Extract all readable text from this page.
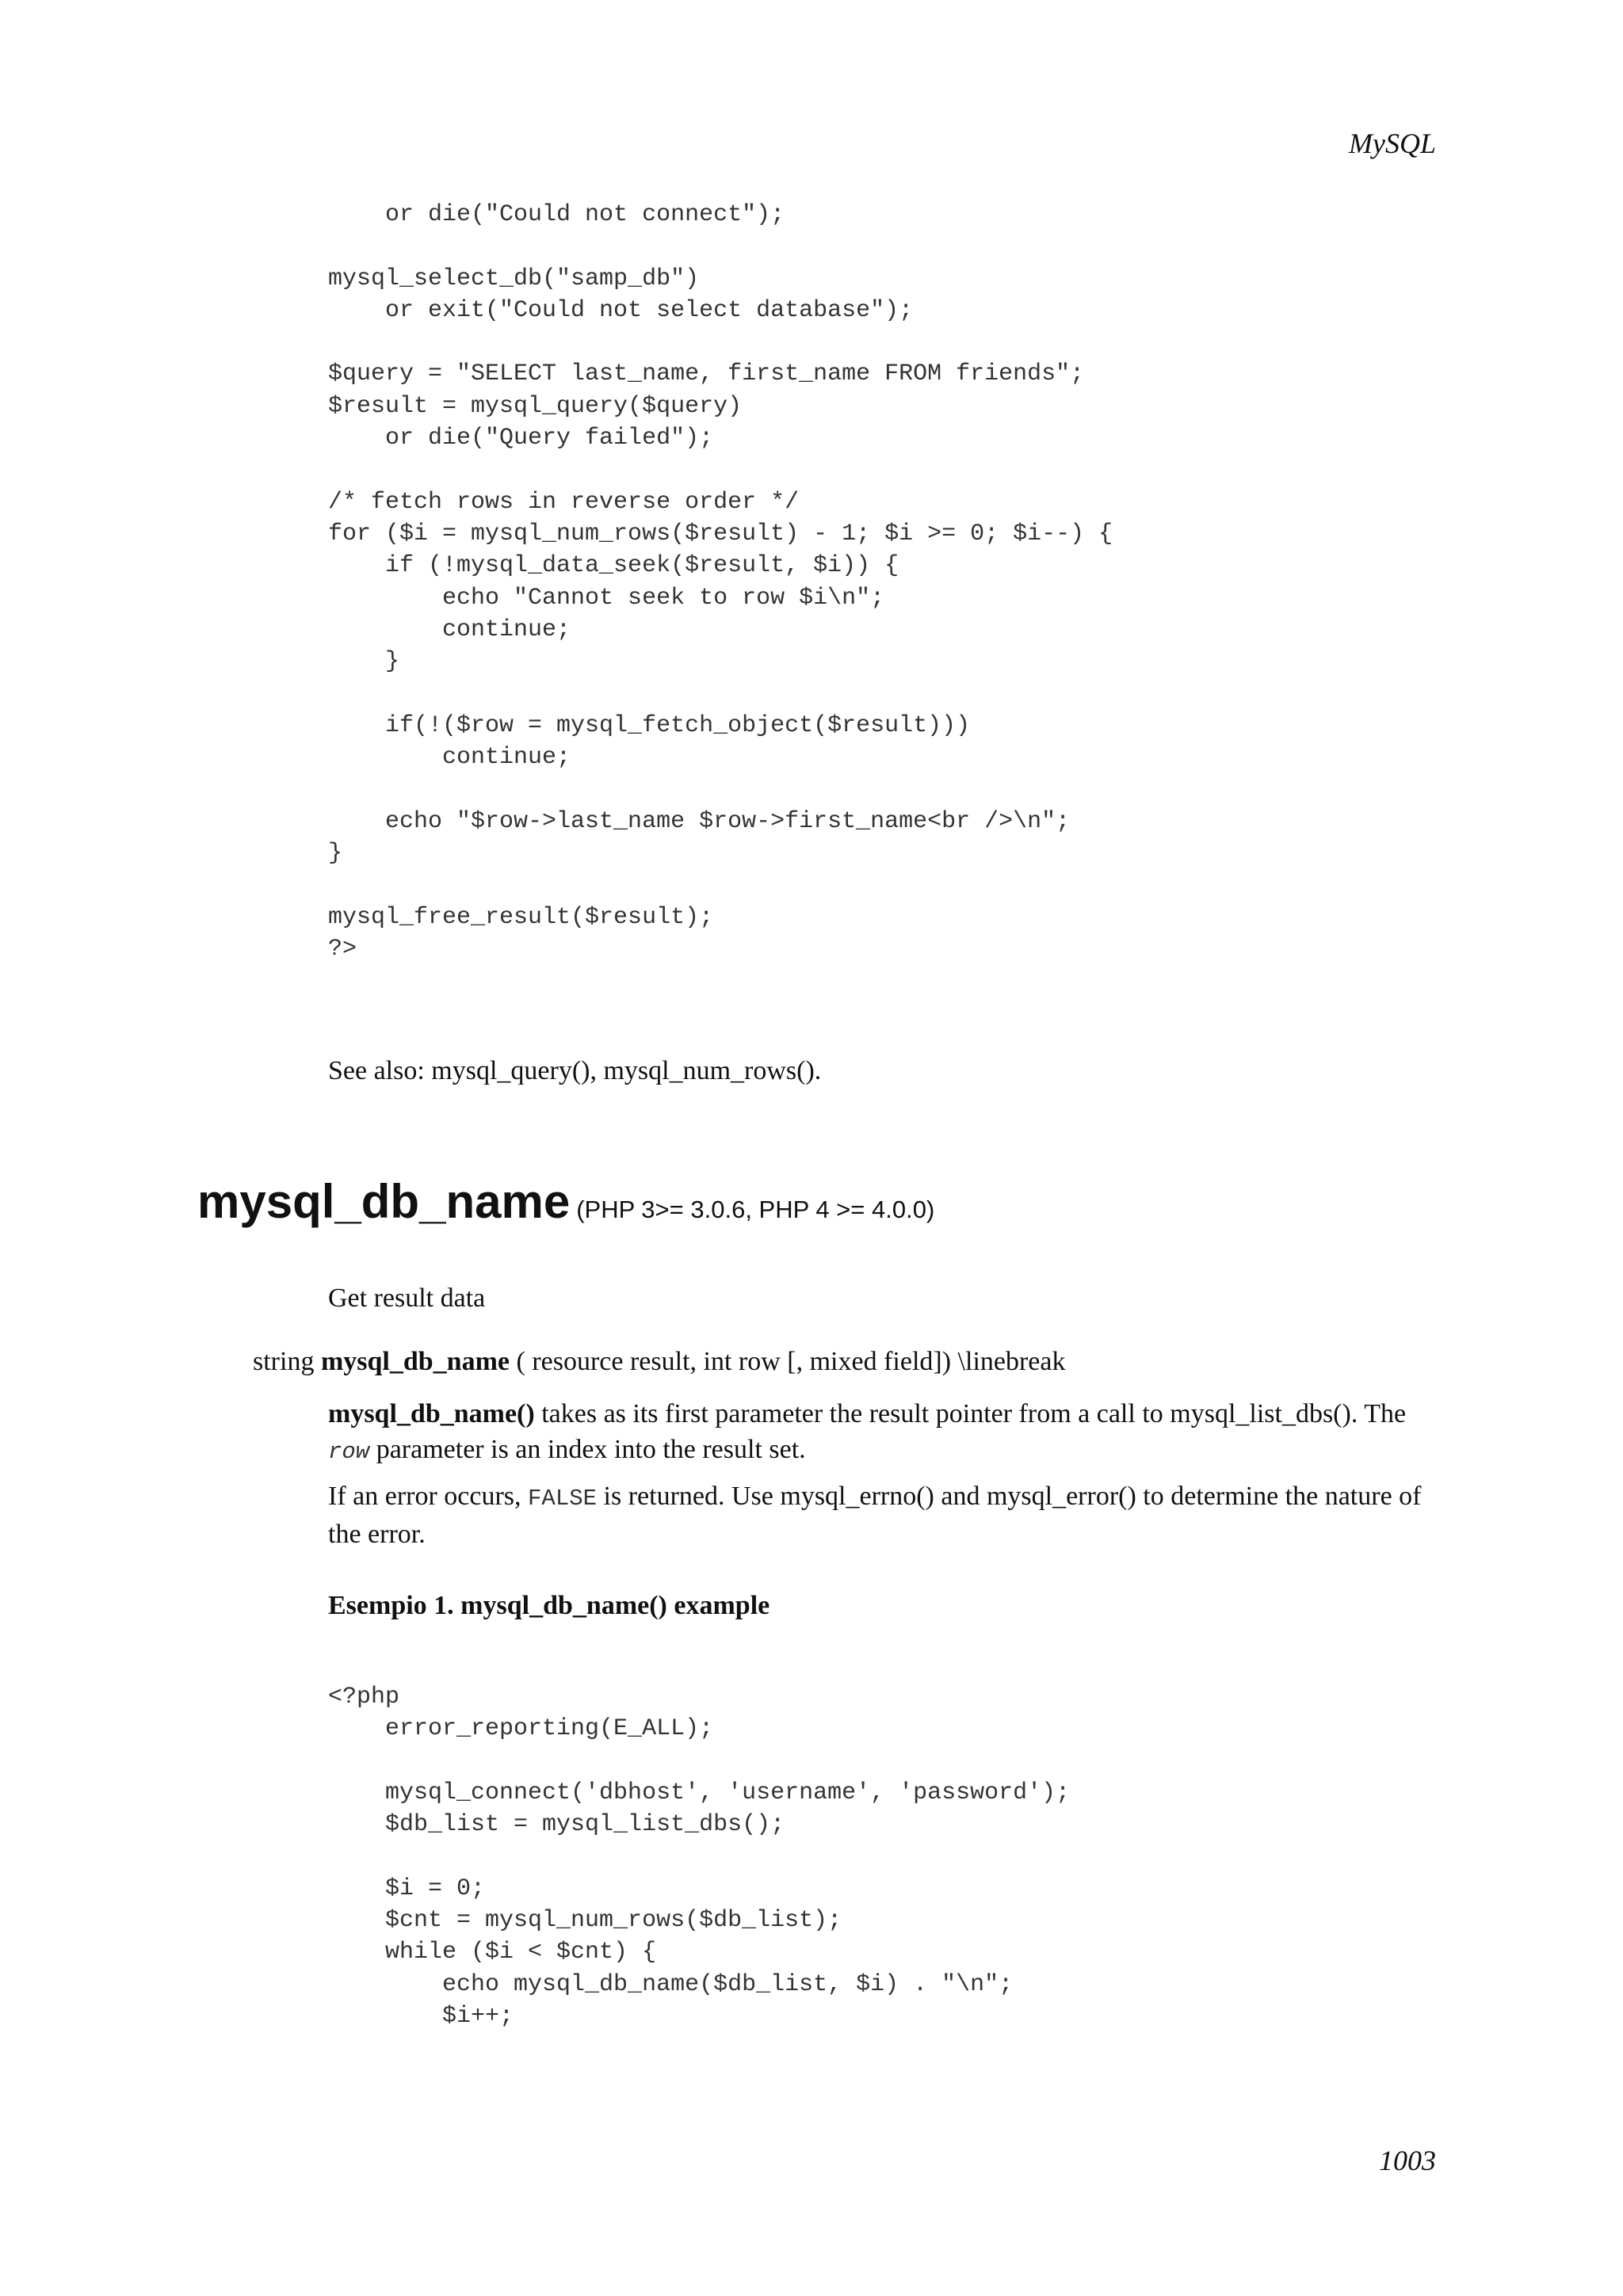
MySQL
or die("Could not connect");

mysql_select_db("samp_db")
or exit("Could not select database");

$query = "SELECT last_name, first_name FROM friends";
$result = mysql_query($query)
or die("Query failed");

/* fetch rows in reverse order */
for ($i = mysql_num_rows($result) - 1; $i >= 0; $i--) {
if (!mysql_data_seek($result, $i)) {
echo "Cannot seek to row $i\n";
continue;
}

if(!($row = mysql_fetch_object($result)))
continue;

echo "$row->last_name $row->first_name<br />\n";
}

mysql_free_result($result);
?>
See also: mysql_query(), mysql_num_rows().
mysql_db_name (PHP 3>= 3.0.6, PHP 4 >= 4.0.0)
Get result data
string mysql_db_name ( resource result, int row [, mixed field]) \linebreak
mysql_db_name() takes as its first parameter the result pointer from a call to mysql_list_dbs(). The row parameter is an index into the result set.
If an error occurs, FALSE is returned. Use mysql_errno() and mysql_error() to determine the nature of the error.
Esempio 1. mysql_db_name() example
<?php
error_reporting(E_ALL);

mysql_connect('dbhost', 'username', 'password');
$db_list = mysql_list_dbs();

$i = 0;
$cnt = mysql_num_rows($db_list);
while ($i < $cnt) {
echo mysql_db_name($db_list, $i) . "\n";
$i++;
1003
